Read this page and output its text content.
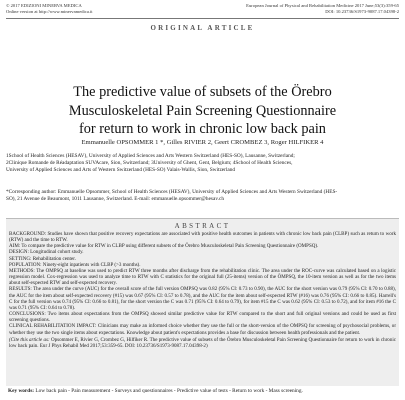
© 2017 EDIZIONI MINERVA MEDICA
Online version at http://www.minervamedica.it
European Journal of Physical and Rehabilitation Medicine 2017 June;53(3):359-65
DOI: 10.23736/S1973-9087.17.04398-2
ORIGINAL ARTICLE
The predictive value of subsets of the Örebro
Musculoskeletal Pain Screening Questionnaire
for return to work in chronic low back pain
Emmanuelle OPSOMMER 1 *, Gilles RIVIER 2, Geert CROMBEZ 3, Roger HILFIKER 4
1School of Health Sciences (HESAV), University of Applied Sciences and Arts Western Switzerland (HES-SO), Lausanne, Switzerland;
2Clinique Romande de Réadaptation SUVAcare, Sion, Switzerland; 3University of Ghent, Gent, Belgium; 4School of Health Sciences,
University of Applied Sciences and Arts of Western Switzerland (HES-SO) Valais-Wallis, Sion, Switzerland
*Corresponding author: Emmanuelle Opsommer, School of Health Sciences (HESAV), University of Applied Sciences and Arts Western Switzerland (HES-
SO), 21 Avenue de Beaumont, 1011 Lausanne, Switzerland. E-mail: emmanuelle.opsommer@hesav.ch
ABSTRACT

BACKGROUND: Studies have shown that positive recovery expectations are associated with positive health outcomes in patients with chronic low back pain (CLBP) such as return to work (RTW) and the time to RTW.

AIM: To compare the predictive value for RTW in CLBP using different subsets of the Örebro Musculoskeletal Pain Screening Questionnaire (OMPSQ).

DESIGN: Longitudinal cohort study.

SETTING: Rehabilitation center.

POPULATION: Ninety-eight inpatients with CLBP (>3 months).

METHODS: The OMPSQ at baseline was used to predict RTW three months after discharge from the rehabilitation clinic. The area under the ROC-curve was calculated based on a logistic regression model. Cox-regression was used to analyze time to RTW with C statistics for the original full (25-items) version of the ÖMPSQ, the 10-item version as well as for the two items about self-expected RTW and self-expected recovery.

RESULTS: The area under the curve (AUC) for the overall score of the full version OMPSQ was 0.82 (95% CI: 0.73 to 0.90), the AUC for the short version was 0.79 (95% CI: 0.70 to 0.88), the AUC for the item about self-expected recovery (#15) was 0.67 (95% CI: 0.57 to 0.78), and the AUC for the item about self-expected RTW (#16) was 0.76 (95% CI: 0.66 to 0.85). Harrell's C for the full version was 0.74 (95% CI: 0.66 to 0.81), for the short version the C was 0.71 (95% CI: 0.64 to 0.79), for item #15 the C was 0.62 (95% CI: 0.53 to 0.72), and for item #16 the C was 0.71 (95% CI: 0.64 to 0.78).

CONCLUSIONS: Two items about expectations from the OMPSQ showed similar predictive value for RTW compared to the short and full original versions and could be used as first screening questions.

CLINICAL REHABILITATION IMPACT: Clinicians may make an informed choice whether they use the full or the short-version of the OMPSQ for screening of psychosocial problems, or whether they use the two single items about expectations. Knowledge about patient's expectations provides a base for discussion between health professionals and the patient.

(Cite this article as: Opsommer E, Rivier G, Crombez G, Hilfiker R. The predictive value of subsets of the Örebro Musculoskeletal Pain Screening Questionnaire for return to work in chronic low back pain. Eur J Phys Rehabil Med 2017;53:359-65. DOI: 10.23736/S1973-9087.17.04398-2)

Key words: Low back pain - Pain measurement - Surveys and questionnaires - Predictive value of tests - Return to work - Mass screening.
